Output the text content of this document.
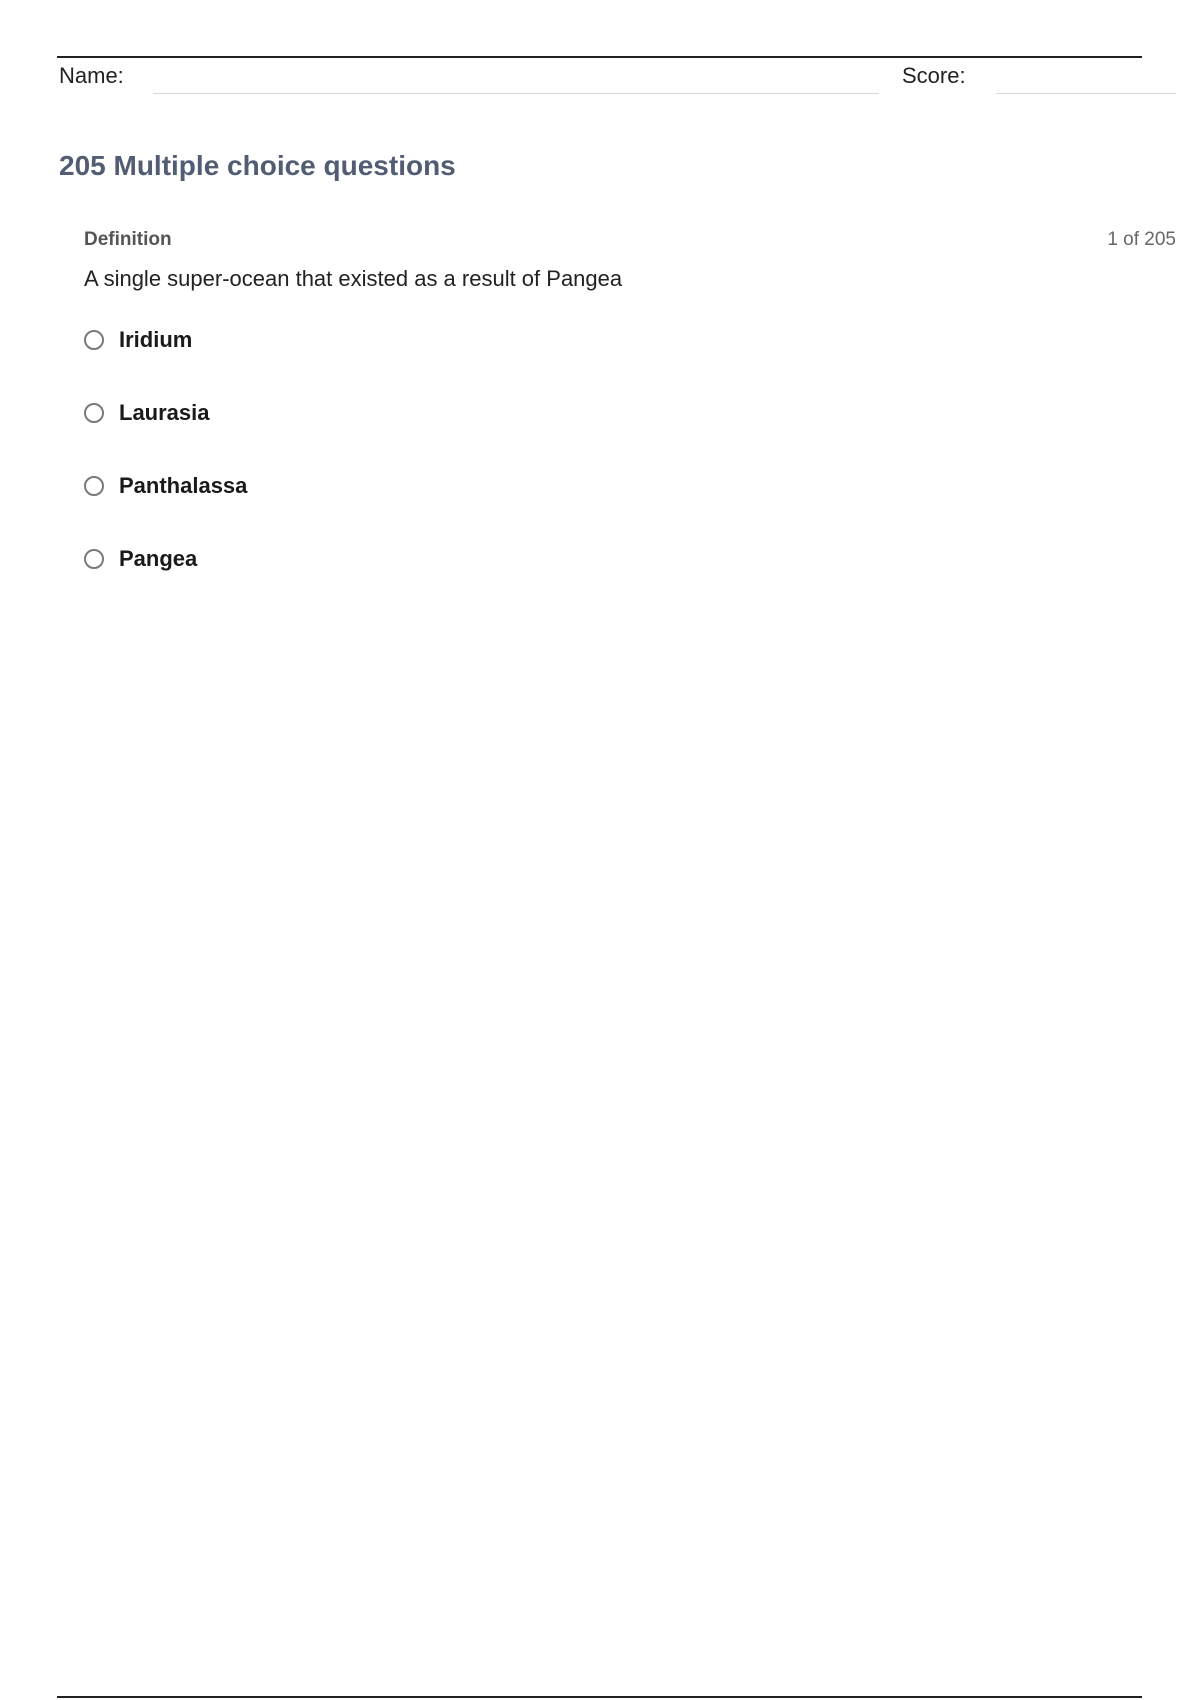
Name:	Score:
205 Multiple choice questions
Definition	1 of 205
A single super-ocean that existed as a result of Pangea
Iridium
Laurasia
Panthalassa
Pangea
